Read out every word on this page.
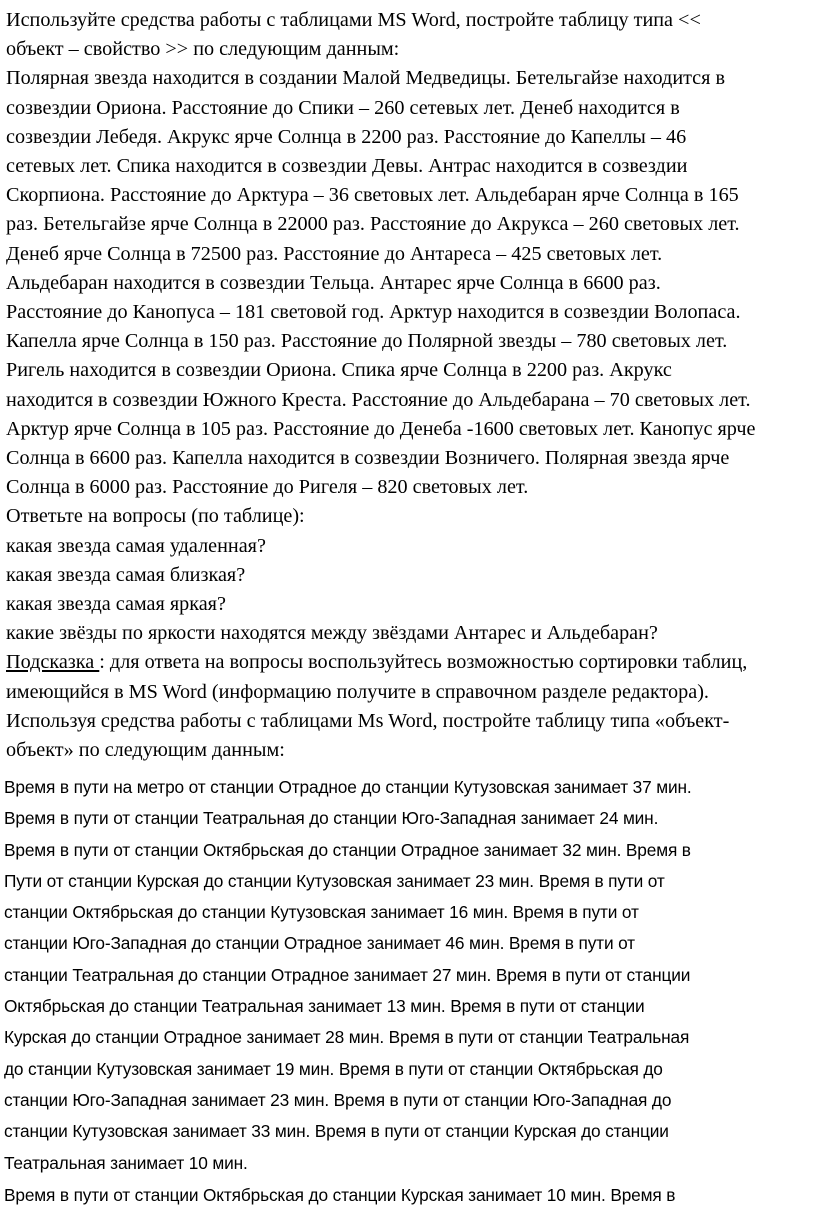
Используйте средства работы с таблицами MS Word, постройте таблицу типа <<
объект – свойство >> по следующим данным:
Полярная звезда находится в создании Малой Медведицы. Бетельгайзе находится в
созвездии Ориона. Расстояние до Спики – 260 сетевых лет. Денеб находится в
созвездии Лебедя. Акрукс ярче Солнца в 2200 раз. Расстояние до Капеллы – 46
сетевых лет. Спика находится в созвездии Девы. Антрас находится в созвездии
Скорпиона. Расстояние до Арктура – 36 световых лет. Альдебаран ярче Солнца в 165
раз. Бетельгайзе ярче Солнца в 22000 раз. Расстояние до Акрукса – 260 световых лет.
Денеб ярче Солнца в 72500 раз. Расстояние до Антареса – 425 световых лет.
Альдебаран находится в созвездии Тельца. Антарес ярче Солнца в 6600 раз.
Расстояние до Канопуса – 181 световой год. Арктур находится в созвездии Волопаса.
Капелла ярче Солнца в 150 раз. Расстояние до Полярной звезды – 780 световых лет.
Ригель находится в созвездии Ориона. Спика ярче Солнца в 2200 раз. Акрукс
находится в созвездии Южного Креста. Расстояние до Альдебарана – 70 световых лет.
Арктур ярче Солнца в 105 раз. Расстояние до Денеба -1600 световых лет. Канопус ярче
Солнца в 6600 раз. Капелла находится в созвездии Возничего. Полярная звезда ярче
Солнца в 6000 раз. Расстояние до Ригеля – 820 световых лет.
Ответьте на вопросы (по таблице):
какая звезда самая удаленная?
какая звезда самая близкая?
какая звезда самая яркая?
какие звёзды по яркости находятся между звёздами Антарес и Альдебаран?
Подсказка : для ответа на вопросы воспользуйтесь возможностью сортировки таблиц,
имеющийся в MS Word (информацию получите в справочном разделе редактора).
Используя средства работы с таблицами Ms Word, постройте таблицу типа «объект-
объект» по следующим данным:
Время в пути на метро от станции Отрадное до станции Кутузовская занимает 37 мин.
Время в пути от станции Театральная до станции Юго-Западная занимает 24 мин.
Время в пути от станции Октябрьская до станции Отрадное занимает 32 мин. Время в
Пути от станции Курская до станции Кутузовская занимает 23 мин. Время в пути от
станции Октябрьская до станции Кутузовская занимает 16 мин. Время в пути от
станции Юго-Западная до станции Отрадное занимает 46 мин. Время в пути от
станции Театральная до станции Отрадное занимает 27 мин. Время в пути от станции
Октябрьская до станции Театральная занимает 13 мин. Время в пути от станции
Курская до станции Отрадное занимает 28 мин. Время в пути от станции Театральная
до станции Кутузовская занимает 19 мин. Время в пути от станции Октябрьская до
станции Юго-Западная занимает 23 мин. Время в пути от станции Юго-Западная до
станции Кутузовская занимает 33 мин. Время в пути от станции Курская до станции
Театральная занимает 10 мин.
Время в пути от станции Октябрьская до станции Курская занимает 10 мин. Время в
